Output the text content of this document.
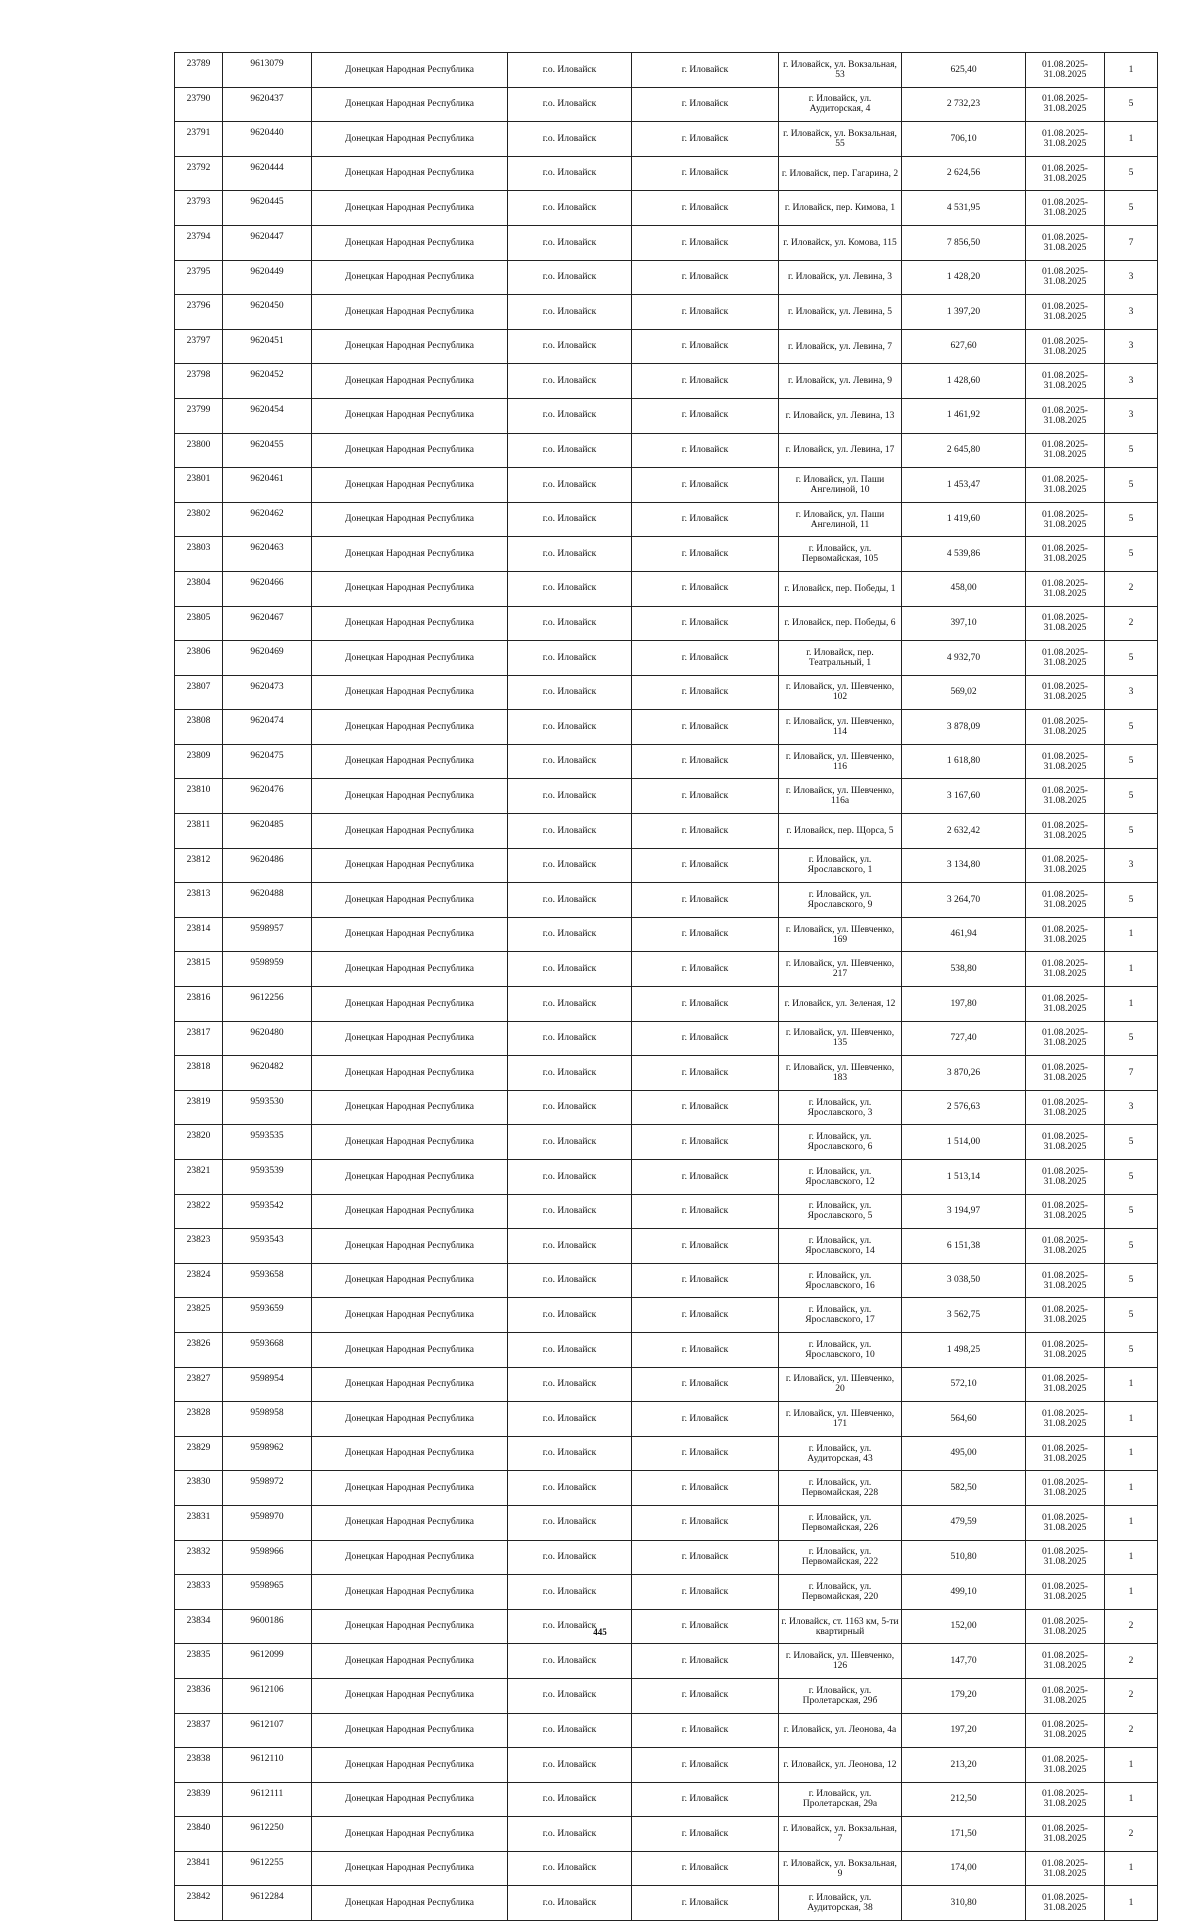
23789	9613079	Донецкая Народная Республика	г.о. Иловайск	г. Иловайск	г. Иловайск, ул. Вокзальная, 53	625,40	01.08.2025-31.08.2025	1
23790	9620437	Донецкая Народная Республика	г.о. Иловайск	г. Иловайск	г. Иловайск, ул. Аудиторская, 4	2 732,23	01.08.2025-31.08.2025	5
23791	9620440	Донецкая Народная Республика	г.о. Иловайск	г. Иловайск	г. Иловайск, ул. Вокзальная, 55	706,10	01.08.2025-31.08.2025	1
23792	9620444	Донецкая Народная Республика	г.о. Иловайск	г. Иловайск	г. Иловайск, пер. Гагарина, 2	2 624,56	01.08.2025-31.08.2025	5
23793	9620445	Донецкая Народная Республика	г.о. Иловайск	г. Иловайск	г. Иловайск, пер. Кимова, 1	4 531,95	01.08.2025-31.08.2025	5
23794	9620447	Донецкая Народная Республика	г.о. Иловайск	г. Иловайск	г. Иловайск, ул. Комова, 115	7 856,50	01.08.2025-31.08.2025	7
23795	9620449	Донецкая Народная Республика	г.о. Иловайск	г. Иловайск	г. Иловайск, ул. Левина, 3	1 428,20	01.08.2025-31.08.2025	3
23796	9620450	Донецкая Народная Республика	г.о. Иловайск	г. Иловайск	г. Иловайск, ул. Левина, 5	1 397,20	01.08.2025-31.08.2025	3
23797	9620451	Донецкая Народная Республика	г.о. Иловайск	г. Иловайск	г. Иловайск, ул. Левина, 7	627,60	01.08.2025-31.08.2025	3
23798	9620452	Донецкая Народная Республика	г.о. Иловайск	г. Иловайск	г. Иловайск, ул. Левина, 9	1 428,60	01.08.2025-31.08.2025	3
23799	9620454	Донецкая Народная Республика	г.о. Иловайск	г. Иловайск	г. Иловайск, ул. Левина, 13	1 461,92	01.08.2025-31.08.2025	3
23800	9620455	Донецкая Народная Республика	г.о. Иловайск	г. Иловайск	г. Иловайск, ул. Левина, 17	2 645,80	01.08.2025-31.08.2025	5
23801	9620461	Донецкая Народная Республика	г.о. Иловайск	г. Иловайск	г. Иловайск, ул. Паши Ангелиной, 10	1 453,47	01.08.2025-31.08.2025	5
23802	9620462	Донецкая Народная Республика	г.о. Иловайск	г. Иловайск	г. Иловайск, ул. Паши Ангелиной, 11	1 419,60	01.08.2025-31.08.2025	5
23803	9620463	Донецкая Народная Республика	г.о. Иловайск	г. Иловайск	г. Иловайск, ул. Первомайская, 105	4 539,86	01.08.2025-31.08.2025	5
23804	9620466	Донецкая Народная Республика	г.о. Иловайск	г. Иловайск	г. Иловайск, пер. Победы, 1	458,00	01.08.2025-31.08.2025	2
23805	9620467	Донецкая Народная Республика	г.о. Иловайск	г. Иловайск	г. Иловайск, пер. Победы, 6	397,10	01.08.2025-31.08.2025	2
23806	9620469	Донецкая Народная Республика	г.о. Иловайск	г. Иловайск	г. Иловайск, пер. Театральный, 1	4 932,70	01.08.2025-31.08.2025	5
23807	9620473	Донецкая Народная Республика	г.о. Иловайск	г. Иловайск	г. Иловайск, ул. Шевченко, 102	569,02	01.08.2025-31.08.2025	3
23808	9620474	Донецкая Народная Республика	г.о. Иловайск	г. Иловайск	г. Иловайск, ул. Шевченко, 114	3 878,09	01.08.2025-31.08.2025	5
23809	9620475	Донецкая Народная Республика	г.о. Иловайск	г. Иловайск	г. Иловайск, ул. Шевченко, 116	1 618,80	01.08.2025-31.08.2025	5
23810	9620476	Донецкая Народная Республика	г.о. Иловайск	г. Иловайск	г. Иловайск, ул. Шевченко, 116а	3 167,60	01.08.2025-31.08.2025	5
23811	9620485	Донецкая Народная Республика	г.о. Иловайск	г. Иловайск	г. Иловайск, пер. Щорса, 5	2 632,42	01.08.2025-31.08.2025	5
23812	9620486	Донецкая Народная Республика	г.о. Иловайск	г. Иловайск	г. Иловайск, ул. Ярославского, 1	3 134,80	01.08.2025-31.08.2025	3
23813	9620488	Донецкая Народная Республика	г.о. Иловайск	г. Иловайск	г. Иловайск, ул. Ярославского, 9	3 264,70	01.08.2025-31.08.2025	5
23814	9598957	Донецкая Народная Республика	г.о. Иловайск	г. Иловайск	г. Иловайск, ул. Шевченко, 169	461,94	01.08.2025-31.08.2025	1
23815	9598959	Донецкая Народная Республика	г.о. Иловайск	г. Иловайск	г. Иловайск, ул. Шевченко, 217	538,80	01.08.2025-31.08.2025	1
23816	9612256	Донецкая Народная Республика	г.о. Иловайск	г. Иловайск	г. Иловайск, ул. Зеленая, 12	197,80	01.08.2025-31.08.2025	1
23817	9620480	Донецкая Народная Республика	г.о. Иловайск	г. Иловайск	г. Иловайск, ул. Шевченко, 135	727,40	01.08.2025-31.08.2025	5
23818	9620482	Донецкая Народная Республика	г.о. Иловайск	г. Иловайск	г. Иловайск, ул. Шевченко, 183	3 870,26	01.08.2025-31.08.2025	7
23819	9593530	Донецкая Народная Республика	г.о. Иловайск	г. Иловайск	г. Иловайск, ул. Ярославского, 3	2 576,63	01.08.2025-31.08.2025	3
23820	9593535	Донецкая Народная Республика	г.о. Иловайск	г. Иловайск	г. Иловайск, ул. Ярославского, 6	1 514,00	01.08.2025-31.08.2025	5
23821	9593539	Донецкая Народная Республика	г.о. Иловайск	г. Иловайск	г. Иловайск, ул. Ярославского, 12	1 513,14	01.08.2025-31.08.2025	5
23822	9593542	Донецкая Народная Республика	г.о. Иловайск	г. Иловайск	г. Иловайск, ул. Ярославского, 5	3 194,97	01.08.2025-31.08.2025	5
23823	9593543	Донецкая Народная Республика	г.о. Иловайск	г. Иловайск	г. Иловайск, ул. Ярославского, 14	6 151,38	01.08.2025-31.08.2025	5
23824	9593658	Донецкая Народная Республика	г.о. Иловайск	г. Иловайск	г. Иловайск, ул. Ярославского, 16	3 038,50	01.08.2025-31.08.2025	5
23825	9593659	Донецкая Народная Республика	г.о. Иловайск	г. Иловайск	г. Иловайск, ул. Ярославского, 17	3 562,75	01.08.2025-31.08.2025	5
23826	9593668	Донецкая Народная Республика	г.о. Иловайск	г. Иловайск	г. Иловайск, ул. Ярославского, 10	1 498,25	01.08.2025-31.08.2025	5
23827	9598954	Донецкая Народная Республика	г.о. Иловайск	г. Иловайск	г. Иловайск, ул. Шевченко, 20	572,10	01.08.2025-31.08.2025	1
23828	9598958	Донецкая Народная Республика	г.о. Иловайск	г. Иловайск	г. Иловайск, ул. Шевченко, 171	564,60	01.08.2025-31.08.2025	1
23829	9598962	Донецкая Народная Республика	г.о. Иловайск	г. Иловайск	г. Иловайск, ул. Аудиторская, 43	495,00	01.08.2025-31.08.2025	1
23830	9598972	Донецкая Народная Республика	г.о. Иловайск	г. Иловайск	г. Иловайск, ул. Первомайская, 228	582,50	01.08.2025-31.08.2025	1
23831	9598970	Донецкая Народная Республика	г.о. Иловайск	г. Иловайск	г. Иловайск, ул. Первомайская, 226	479,59	01.08.2025-31.08.2025	1
23832	9598966	Донецкая Народная Республика	г.о. Иловайск	г. Иловайск	г. Иловайск, ул. Первомайская, 222	510,80	01.08.2025-31.08.2025	1
23833	9598965	Донецкая Народная Республика	г.о. Иловайск	г. Иловайск	г. Иловайск, ул. Первомайская, 220	499,10	01.08.2025-31.08.2025	1
23834	9600186	Донецкая Народная Республика	г.о. Иловайск	г. Иловайск	г. Иловайск, ст. 1163 км, 5-ти квартирный	152,00	01.08.2025-31.08.2025	2
23835	9612099	Донецкая Народная Республика	г.о. Иловайск	г. Иловайск	г. Иловайск, ул. Шевченко, 126	147,70	01.08.2025-31.08.2025	2
23836	9612106	Донецкая Народная Республика	г.о. Иловайск	г. Иловайск	г. Иловайск, ул. Пролетарская, 29б	179,20	01.08.2025-31.08.2025	2
23837	9612107	Донецкая Народная Республика	г.о. Иловайск	г. Иловайск	г. Иловайск, ул. Леонова, 4а	197,20	01.08.2025-31.08.2025	2
23838	9612110	Донецкая Народная Республика	г.о. Иловайск	г. Иловайск	г. Иловайск, ул. Леонова, 12	213,20	01.08.2025-31.08.2025	1
23839	9612111	Донецкая Народная Республика	г.о. Иловайск	г. Иловайск	г. Иловайск, ул. Пролетарская, 29а	212,50	01.08.2025-31.08.2025	1
23840	9612250	Донецкая Народная Республика	г.о. Иловайск	г. Иловайск	г. Иловайск, ул. Вокзальная, 7	171,50	01.08.2025-31.08.2025	2
23841	9612255	Донецкая Народная Республика	г.о. Иловайск	г. Иловайск	г. Иловайск, ул. Вокзальная, 9	174,00	01.08.2025-31.08.2025	1
23842	9612284	Донецкая Народная Республика	г.о. Иловайск	г. Иловайск	г. Иловайск, ул. Аудиторская, 38	310,80	01.08.2025-31.08.2025	1
445
